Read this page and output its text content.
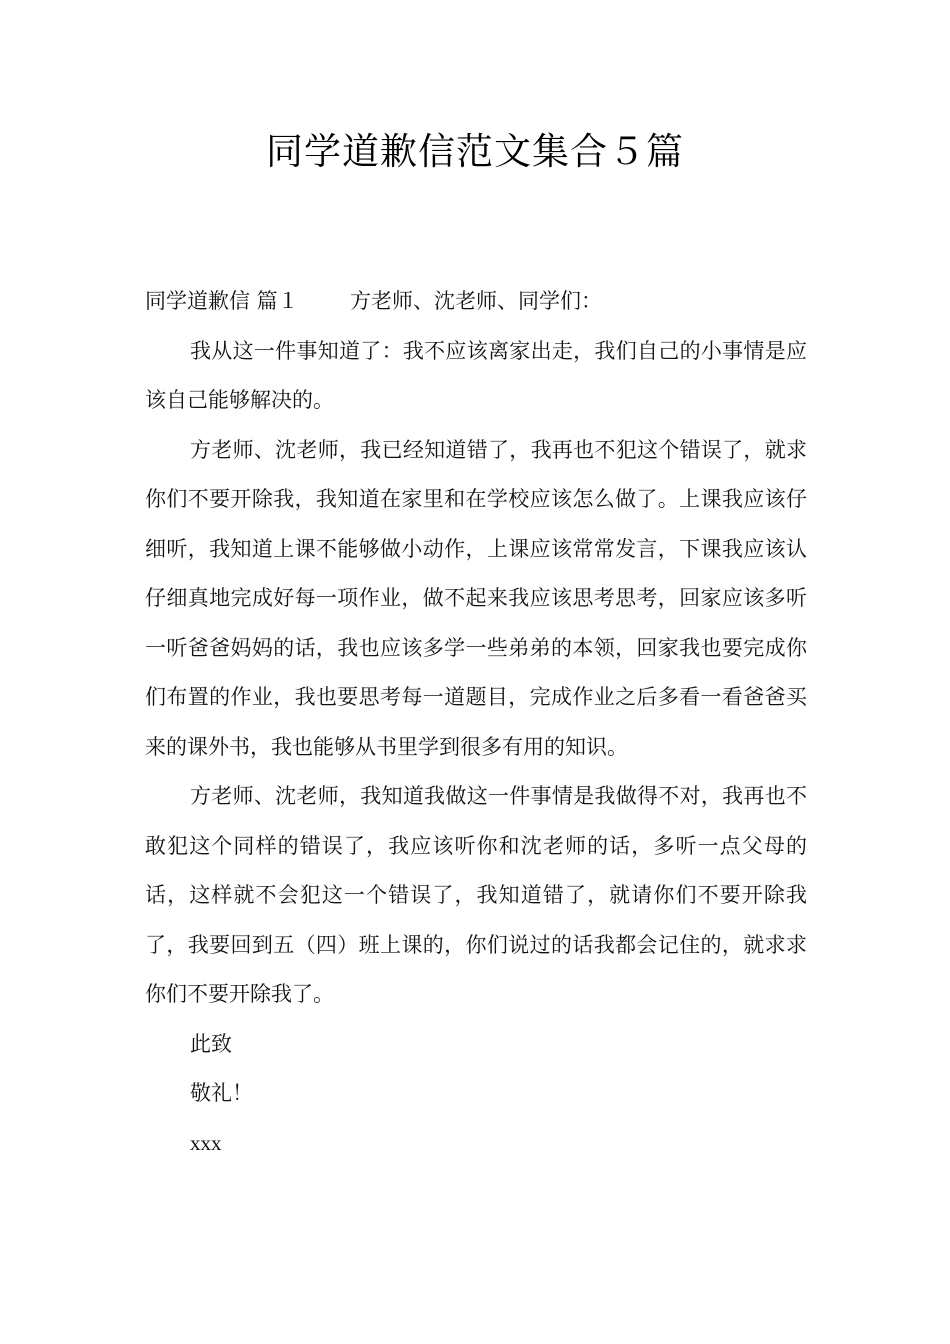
同学道歉信范文集合５篇

同学道歉信 篇１ 方老师、沈老师、同学们：

我从这一件事知道了：我不应该离家出走，我们自己的小事情是应该自己能够解决的。

方老师、沈老师，我已经知道错了，我再也不犯这个错误了，就求你们不要开除我，我知道在家里和在学校应该怎么做了。上课我应该仔细听，我知道上课不能够做小动作，上课应该常常发言，下课我应该认仔细真地完成好每一项作业，做不起来我应该思考思考，回家应该多听一听爸爸妈妈的话，我也应该多学一些弟弟的本领，回家我也要完成你们布置的作业，我也要思考每一道题目，完成作业之后多看一看爸爸买来的课外书，我也能够从书里学到很多有用的知识。

方老师、沈老师，我知道我做这一件事情是我做得不对，我再也不敢犯这个同样的错误了，我应该听你和沈老师的话，多听一点父母的话，这样就不会犯这一个错误了，我知道错了，就请你们不要开除我了，我要回到五（四）班上课的，你们说过的话我都会记住的，就求求你们不要开除我了。

此致

敬礼！

xxx
